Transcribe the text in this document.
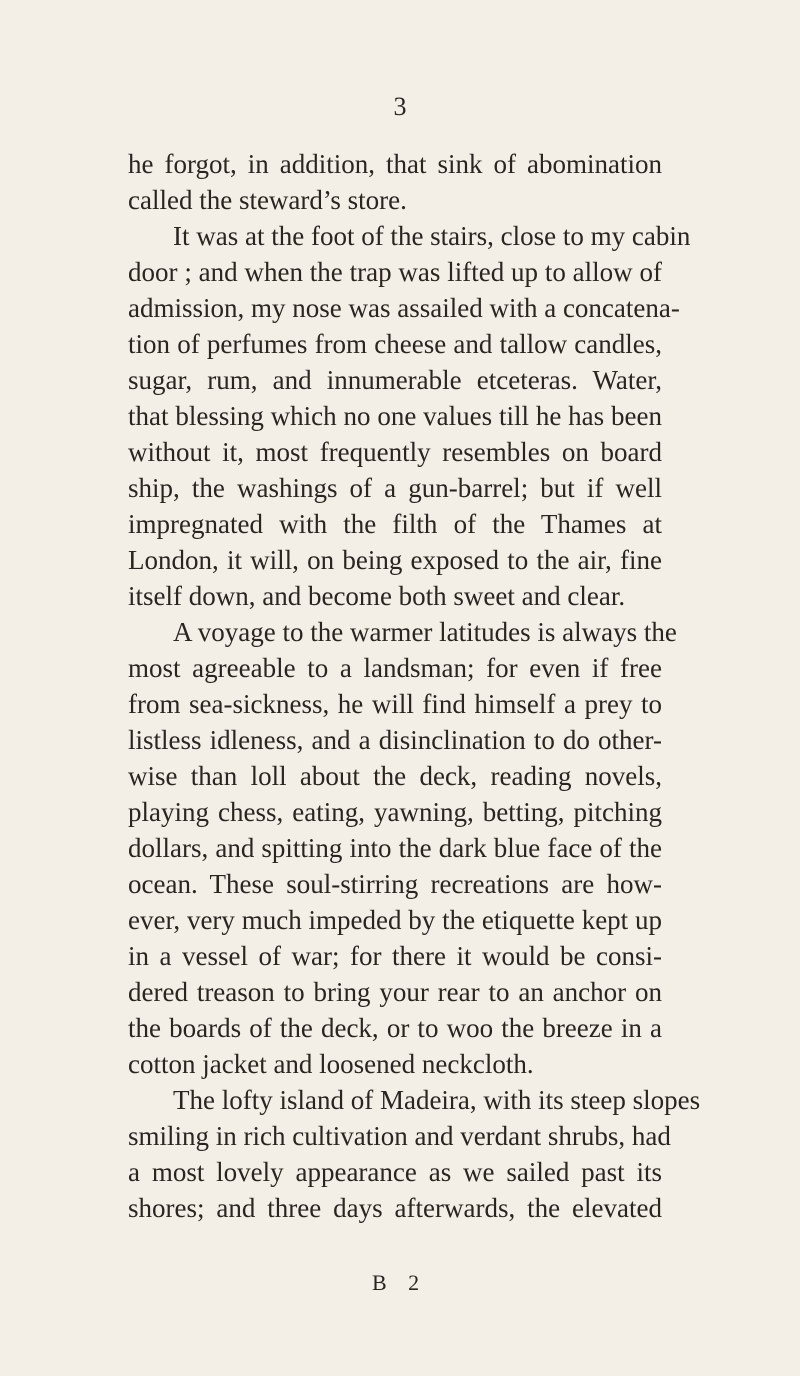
3
he forgot, in addition, that sink of abomination
called the steward’s store.
It was at the foot of the stairs, close to my cabin
door ; and when the trap was lifted up to allow of
admission, my nose was assailed with a concatena-
tion of perfumes from cheese and tallow candles,
sugar, rum, and innumerable etceteras. Water,
that blessing which no one values till he has been
without it, most frequently resembles on board
ship, the washings of a gun-barrel; but if well
impregnated with the filth of the Thames at
London, it will, on being exposed to the air, fine
itself down, and become both sweet and clear.
A voyage to the warmer latitudes is always the
most agreeable to a landsman; for even if free
from sea-sickness, he will find himself a prey to
listless idleness, and a disinclination to do other-
wise than loll about the deck, reading novels,
playing chess, eating, yawning, betting, pitching
dollars, and spitting into the dark blue face of the
ocean. These soul-stirring recreations are how-
ever, very much impeded by the etiquette kept up
in a vessel of war; for there it would be consi-
dered treason to bring your rear to an anchor on
the boards of the deck, or to woo the breeze in a
cotton jacket and loosened neckcloth.
The lofty island of Madeira, with its steep slopes
smiling in rich cultivation and verdant shrubs, had
a most lovely appearance as we sailed past its
shores; and three days afterwards, the elevated
B 2
